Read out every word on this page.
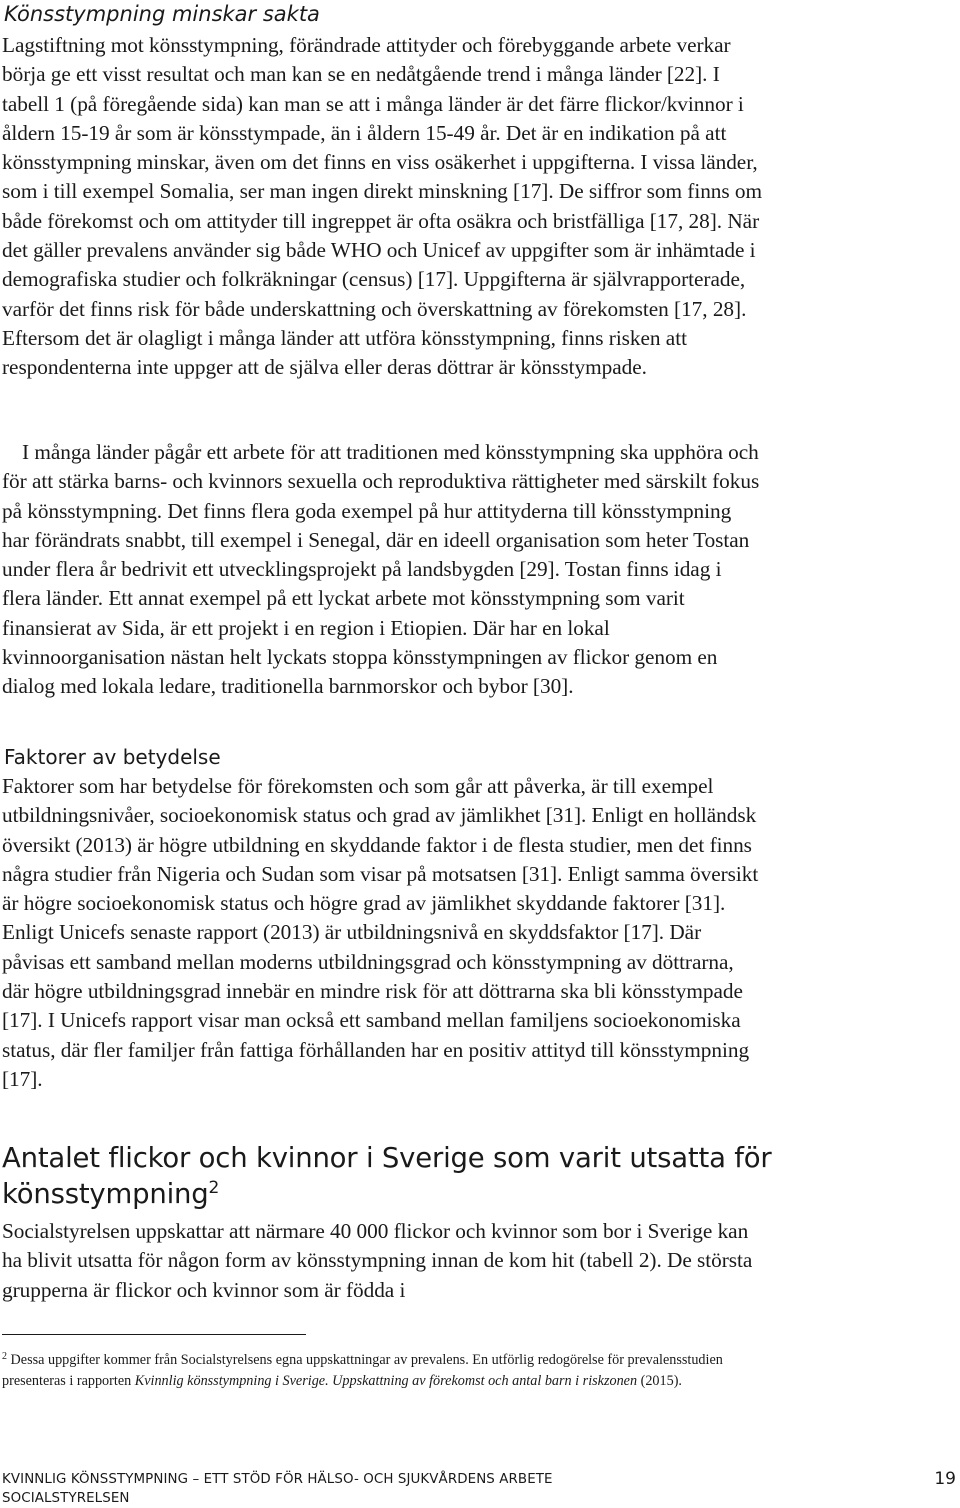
Könsstympning minskar sakta

Lagstiftning mot könsstympning, förändrade attityder och förebyggande arbete verkar börja ge ett visst resultat och man kan se en nedåtgående trend i många länder [22]. I tabell 1 (på föregående sida) kan man se att i många länder är det färre flickor/kvinnor i åldern 15-19 år som är könsstympade, än i åldern 15-49 år. Det är en indikation på att könsstympning minskar, även om det finns en viss osäkerhet i uppgifterna. I vissa länder, som i till exempel Somalia, ser man ingen direkt minskning [17]. De siffror som finns om både förekomst och om attityder till ingreppet är ofta osäkra och bristfälliga [17, 28]. När det gäller prevalens använder sig både WHO och Unicef av uppgifter som är inhämtade i demografiska studier och folkräkningar (census) [17]. Uppgifterna är självrapporterade, varför det finns risk för både underskattning och överskattning av förekomsten [17, 28]. Eftersom det är olagligt i många länder att utföra könsstympning, finns risken att respondenterna inte uppger att de själva eller deras döttrar är könsstympade.

I många länder pågår ett arbete för att traditionen med könsstympning ska upphöra och för att stärka barns- och kvinnors sexuella och reproduktiva rättigheter med särskilt fokus på könsstympning. Det finns flera goda exempel på hur attityderna till könsstympning har förändrats snabbt, till exempel i Senegal, där en ideell organisation som heter Tostan under flera år bedrivit ett utvecklingsprojekt på landsbygden [29]. Tostan finns idag i flera länder. Ett annat exempel på ett lyckat arbete mot könsstympning som varit finansierat av Sida, är ett projekt i en region i Etiopien. Där har en lokal kvinnoorganisation nästan helt lyckats stoppa könsstympningen av flickor genom en dialog med lokala ledare, traditionella barnmorskor och bybor [30].

Faktorer av betydelse

Faktorer som har betydelse för förekomsten och som går att påverka, är till exempel utbildningsnivåer, socioekonomisk status och grad av jämlikhet [31]. Enligt en holländsk översikt (2013) är högre utbildning en skyddande faktor i de flesta studier, men det finns några studier från Nigeria och Sudan som visar på motsatsen [31]. Enligt samma översikt är högre socioekonomisk status och högre grad av jämlikhet skyddande faktorer [31]. Enligt Unicefs senaste rapport (2013) är utbildningsnivå en skyddsfaktor [17]. Där påvisas ett samband mellan moderns utbildningsgrad och könsstympning av döttrarna, där högre utbildningsgrad innebär en mindre risk för att döttrarna ska bli könsstympade [17]. I Unicefs rapport visar man också ett samband mellan familjens socioekonomiska status, där fler familjer från fattiga förhållanden har en positiv attityd till könsstympning [17].

Antalet flickor och kvinnor i Sverige som varit utsatta för könsstympning$^2$

Socialstyrelsen uppskattar att närmare 40 000 flickor och kvinnor som bor i Sverige kan ha blivit utsatta för någon form av könsstympning innan de kom hit (tabell 2). De största grupperna är flickor och kvinnor som är födda i

$^2$ Dessa uppgifter kommer från Socialstyrelsens egna uppskattningar av prevalens. En utförlig redogörelse för prevalensstudien presenteras i rapporten Kvinnlig könsstympning i Sverige. Uppskattning av förekomst och antal barn i riskzonen (2015).

KVINNLIG KÖNSSTYMPNING – ETT STÖD FÖR HÄLSO- OCH SJUKVÅRDENS ARBETE
SOCIALSTYRELSEN
19
